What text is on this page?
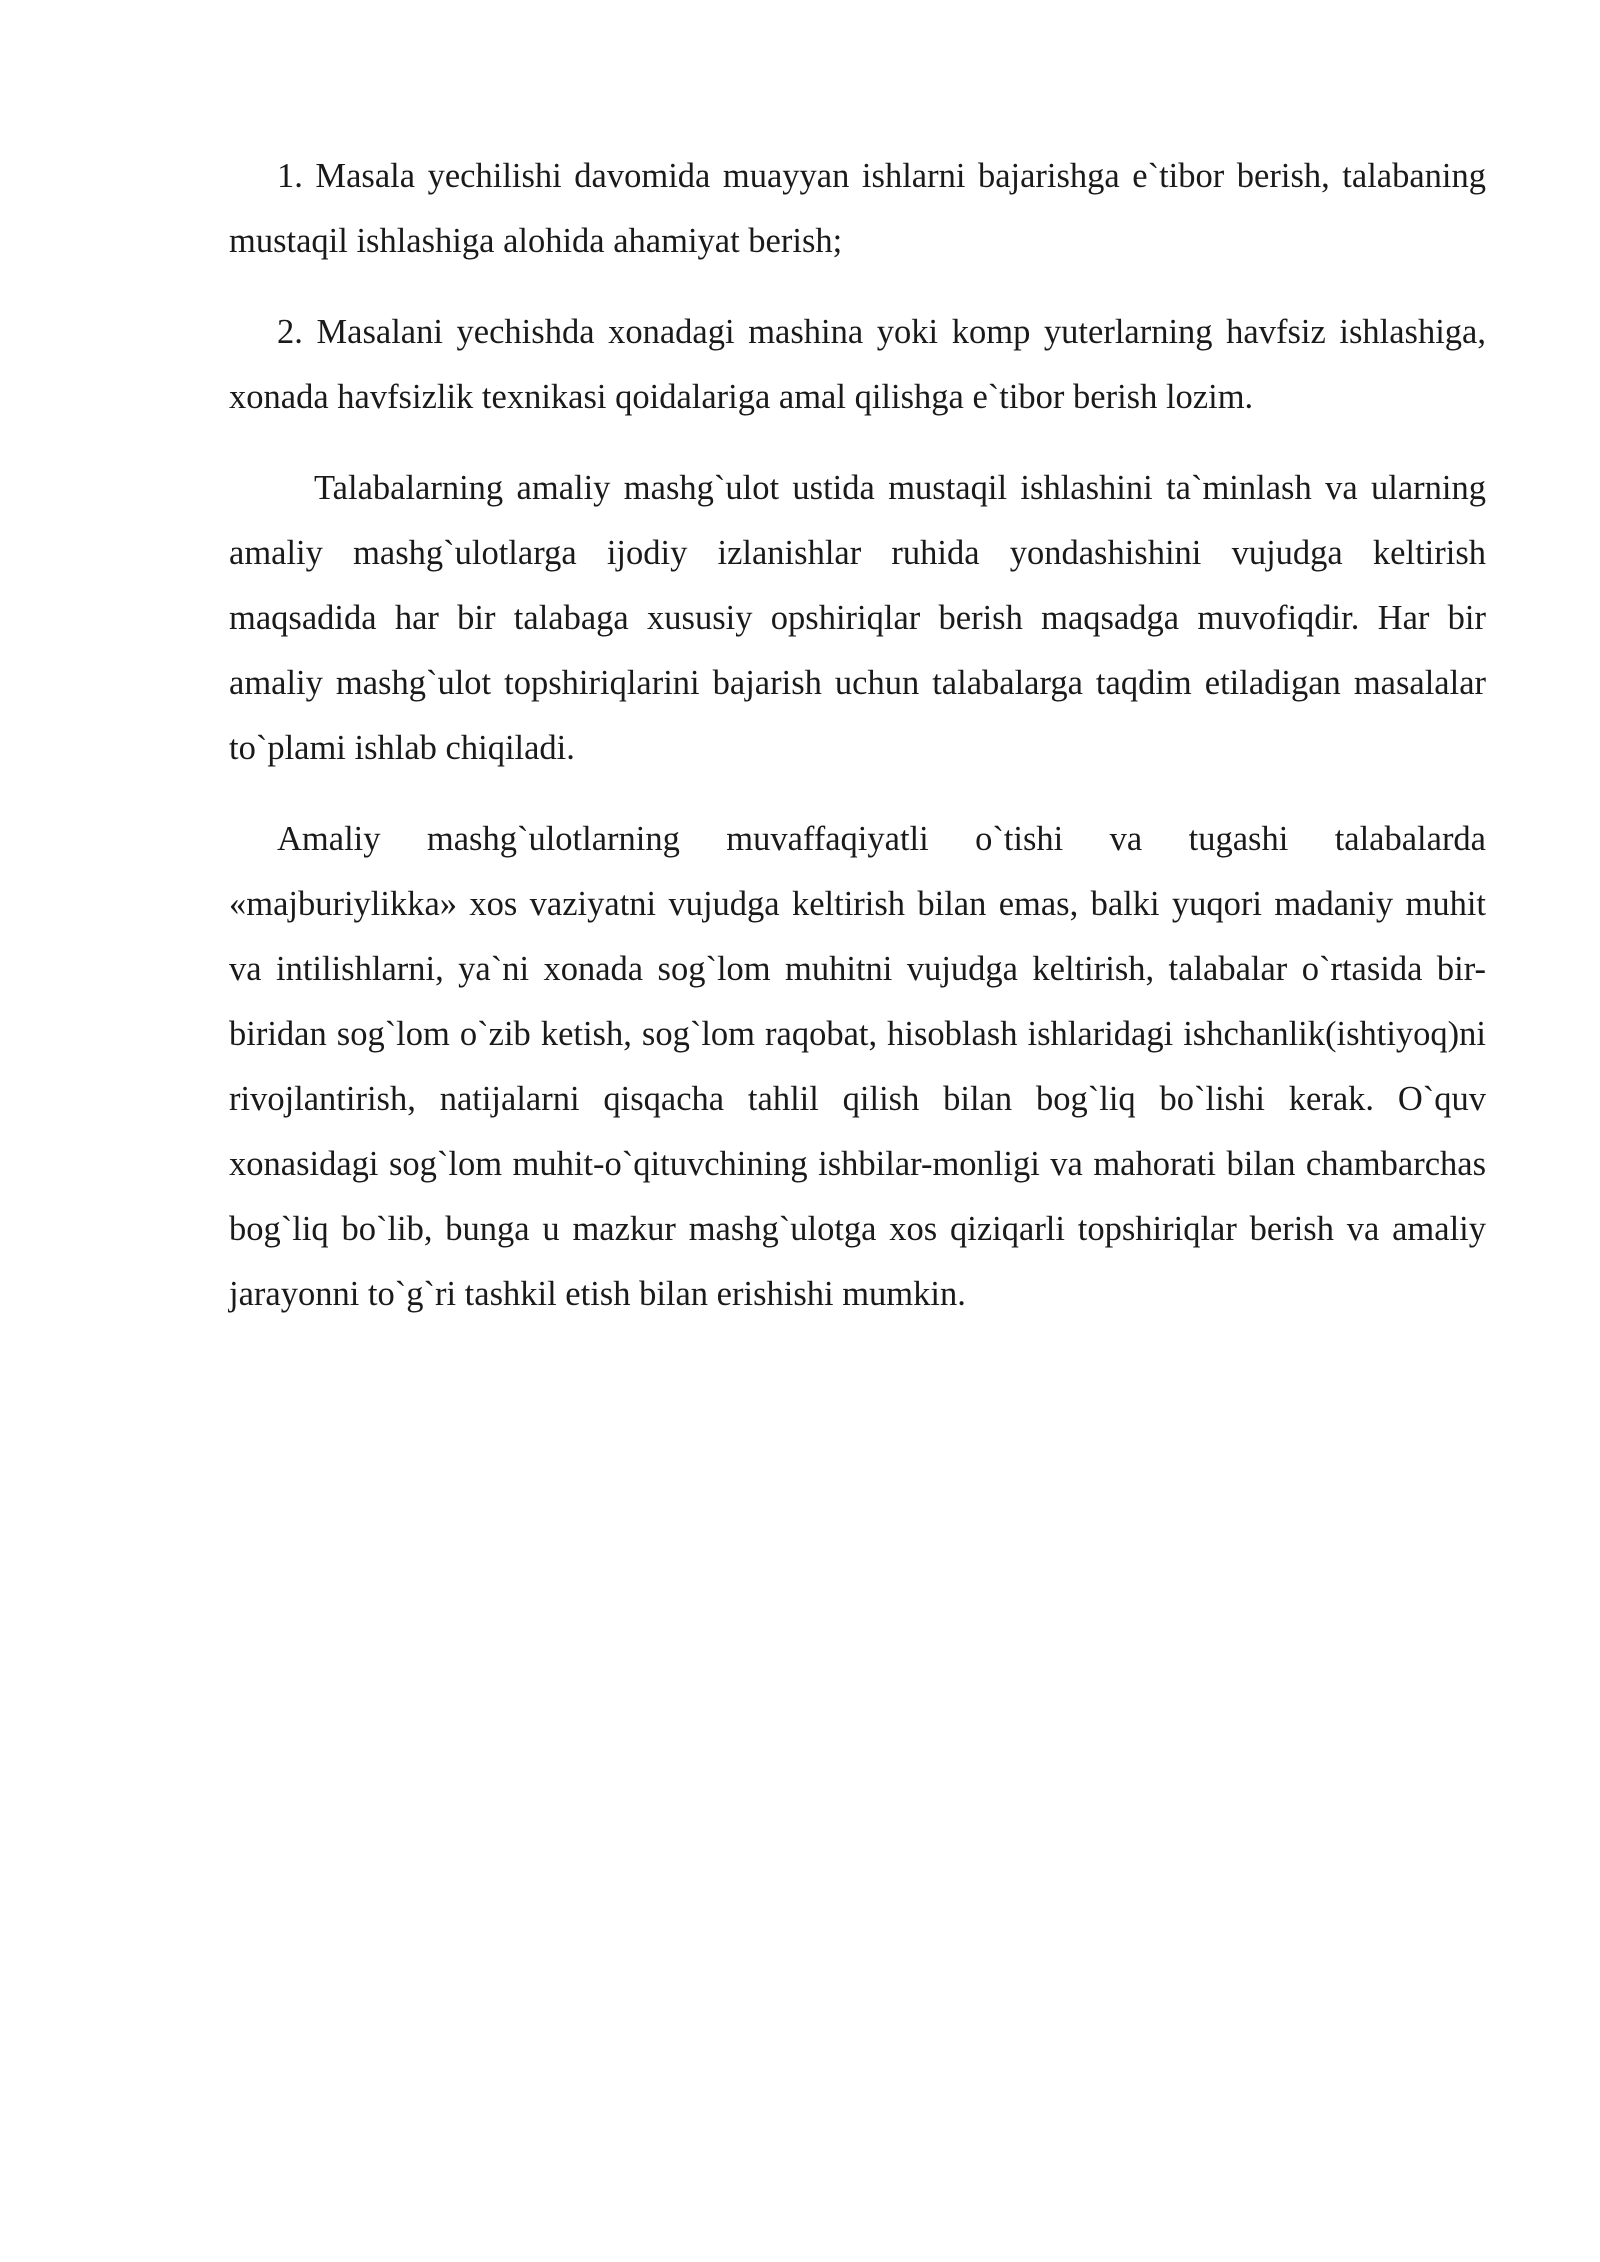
1. Masala yechilishi davomida muayyan ishlarni bajarishga e`tibor berish, talabaning mustaqil ishlashiga alohida ahamiyat berish;

2. Masalani yechishda xonadagi mashina yoki komp yuterlarning havfsiz ishlashiga, xonada havfsizlik texnikasi qoidalariga amal qilishga e`tibor berish lozim.

Talabalarning amaliy mashg`ulot ustida mustaqil ishlashini ta`minlash va ularning amaliy mashg`ulotlarga ijodiy izlanishlar ruhida yondashishini vujudga keltirish maqsadida har bir talabaga xususiy opshiriqlar berish maqsadga muvofiqdir. Har bir amaliy mashg`ulot topshiriqlarini bajarish uchun talabalarga taqdim etiladigan masalalar to`plami ishlab chiqiladi.

Amaliy mashg`ulotlarning muvaffaqiyatli o`tishi va tugashi talabalarda «majburiylikka» xos vaziyatni vujudga keltirish bilan emas, balki yuqori madaniy muhit va intilishlarni, ya`ni xonada sog`lom muhitni vujudga keltirish, talabalar o`rtasida bir-biridan sog`lom o`zib ketish, sog`lom raqobat, hisoblash ishlaridagi ishchanlik(ishtiyoq)ni rivojlantirish, natijalarni qisqacha tahlil qilish bilan bog`liq bo`lishi kerak. O`quv xonasidagi sog`lom muhit-o`qituvchining ishbilar-monligi va mahorati bilan chambarchas bog`liq bo`lib, bunga u mazkur mashg`ulotga xos qiziqarli topshiriqlar berish va amaliy jarayonni to`g`ri tashkil etish bilan erishishi mumkin.
